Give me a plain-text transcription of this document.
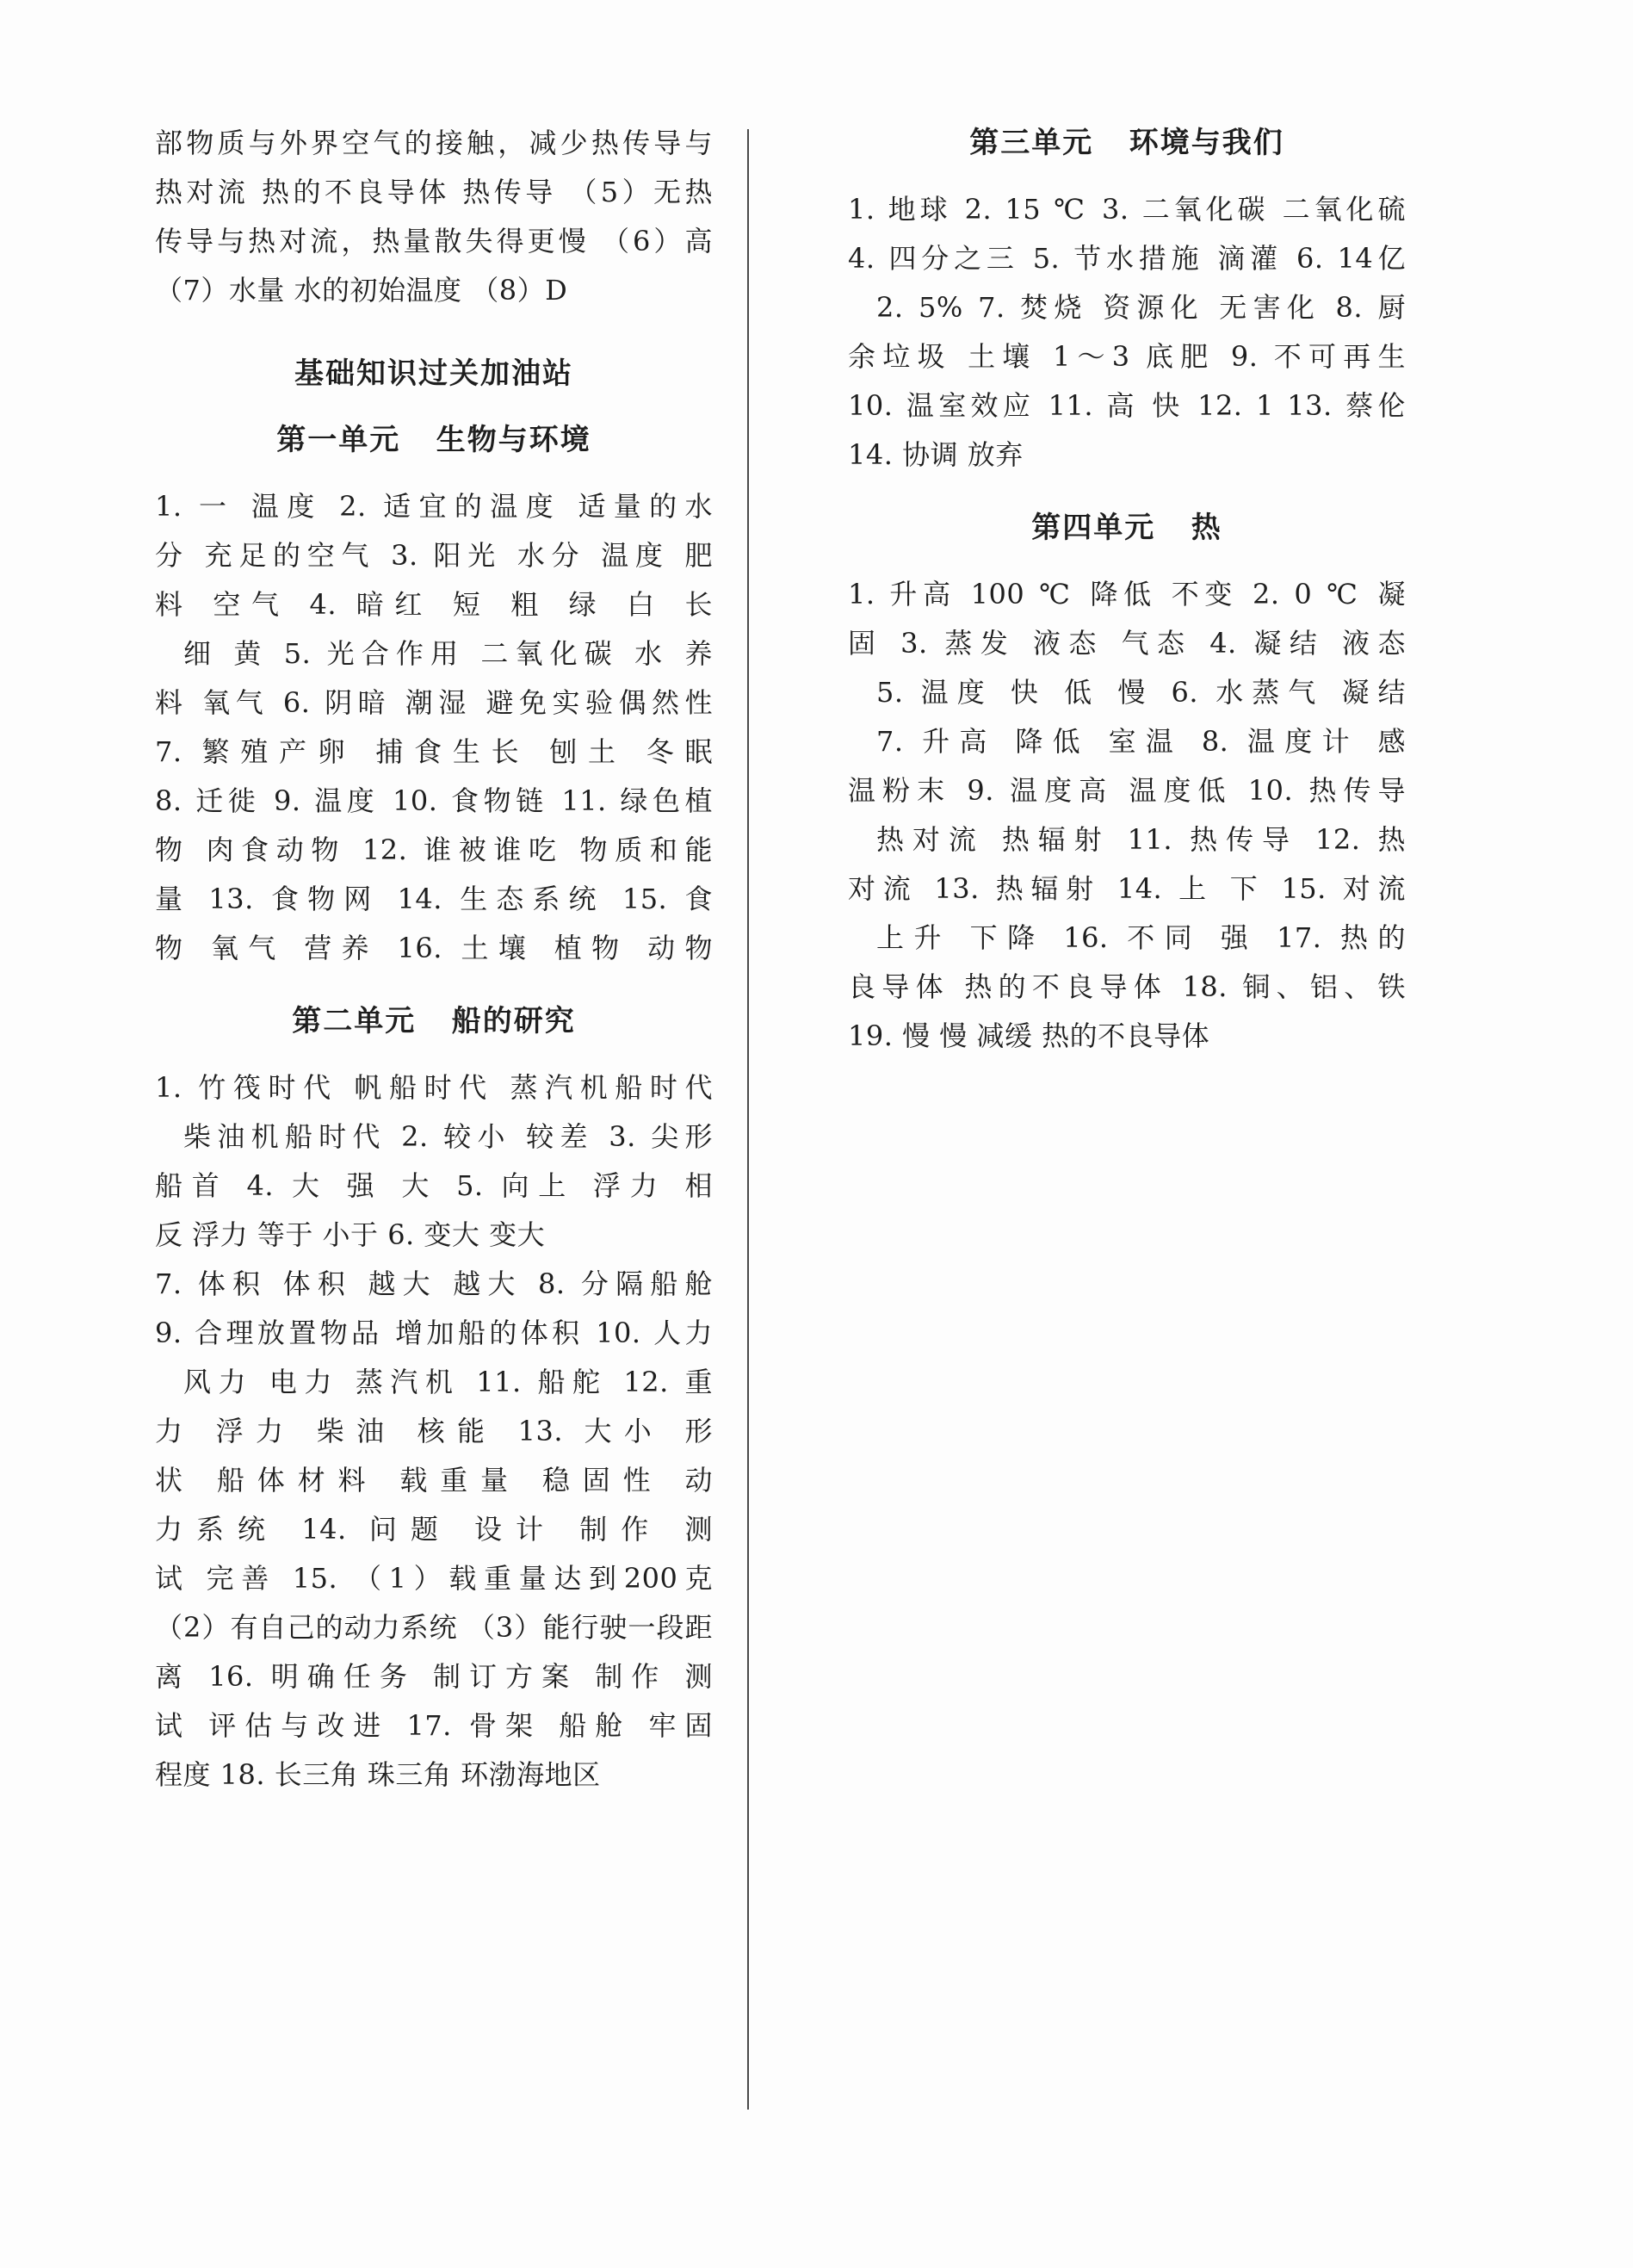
部物质与外界空气的接触，减少热传导与

热对流 热的不良导体 热传导 （5）无热

传导与热对流，热量散失得更慢 （6）高

（7）水量 水的初始温度 （8）D

基础知识过关加油站
第一单元   生物与环境

1. 一 温度 2. 适宜的温度 适量的水

分 充足的空气 3. 阳光 水分 温度 肥

料 空气 4. 暗红 短 粗 绿 白 长

细 黄 5. 光合作用 二氧化碳 水 养

料 氧气 6. 阴暗 潮湿 避免实验偶然性

7. 繁殖产卵 捕食生长 刨土 冬眠

8. 迁徙 9. 温度 10. 食物链 11. 绿色植

物 肉食动物 12. 谁被谁吃 物质和能

量 13. 食物网 14. 生态系统 15. 食

物 氧气 营养 16. 土壤 植物 动物

第二单元   船的研究

1. 竹筏时代 帆船时代 蒸汽机船时代

柴油机船时代 2. 较小 较差 3. 尖形

船首 4. 大 强 大 5. 向上 浮力 相

反 浮力 等于 小于 6. 变大 变大

7. 体积 体积 越大 越大 8. 分隔船舱

9. 合理放置物品 增加船的体积 10. 人力

风力 电力 蒸汽机 11. 船舵 12. 重

力 浮力 柴油 核能 13. 大小 形

状 船体材料 载重量 稳固性 动

力系统 14. 问题 设计 制作 测

试 完善 15. （1）载重量达到200克

（2）有自己的动力系统 （3）能行驶一段距

离 16. 明确任务 制订方案 制作 测

试 评估与改进 17. 骨架 船舱 牢固

程度 18. 长三角 珠三角 环渤海地区

第三单元   环境与我们

1. 地球 2. 15 ℃ 3. 二氧化碳 二氧化硫

4. 四分之三 5. 节水措施 滴灌 6. 14亿

2. 5% 7. 焚烧 资源化 无害化 8. 厨

余垃圾 土壤 1～3 底肥 9. 不可再生

10. 温室效应 11. 高 快 12. 1 13. 蔡伦

14. 协调 放弃

第四单元   热

1. 升高 100 ℃ 降低 不变 2. 0 ℃ 凝

固 3. 蒸发 液态 气态 4. 凝结 液态

5. 温度 快 低 慢 6. 水蒸气 凝结

7. 升高 降低 室温 8. 温度计 感

温粉末 9. 温度高 温度低 10. 热传导

热对流 热辐射 11. 热传导 12. 热

对流 13. 热辐射 14. 上 下 15. 对流

上升 下降 16. 不同 强 17. 热的

良导体 热的不良导体 18. 铜、铝、铁

19. 慢 慢 减缓 热的不良导体
